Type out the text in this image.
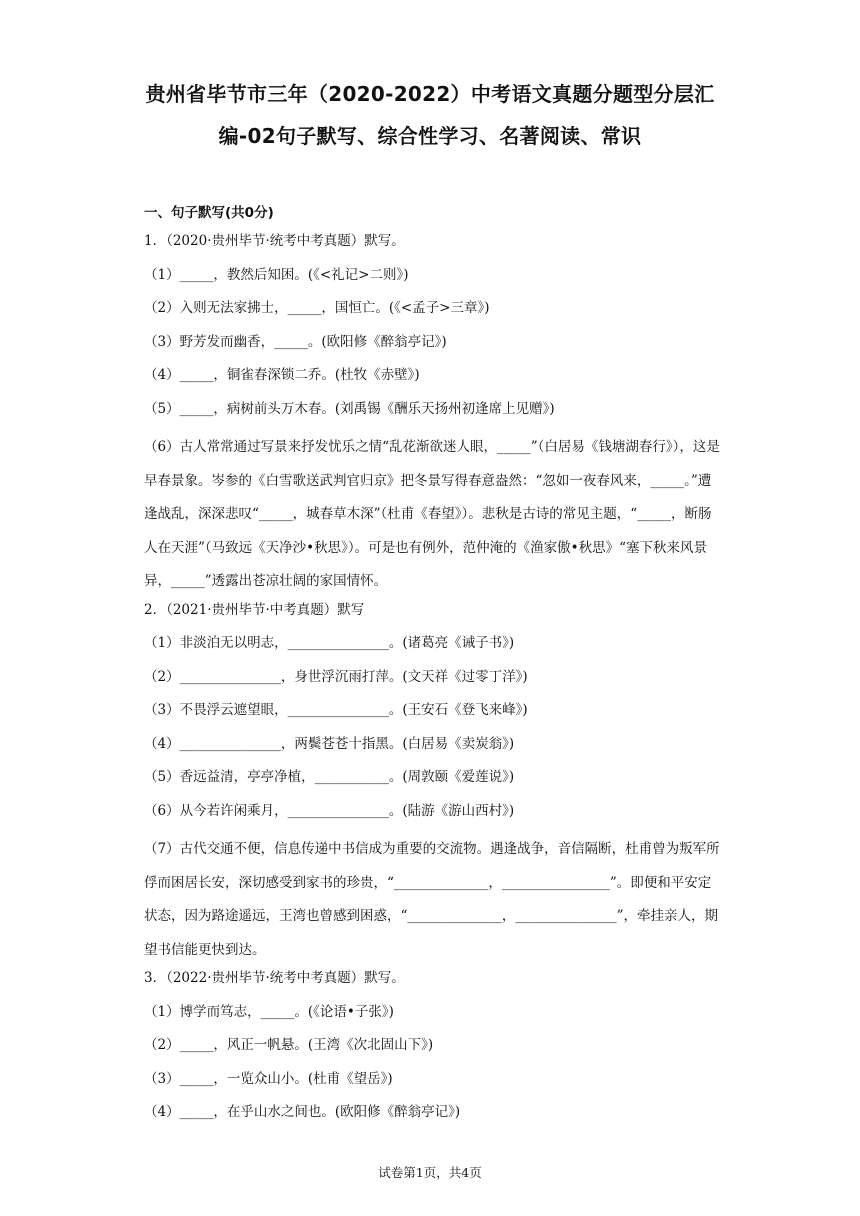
贵州省毕节市三年（2020-2022）中考语文真题分题型分层汇
编-02句子默写、综合性学习、名著阅读、常识
一、句子默写(共0分)
1．（2020·贵州毕节·统考中考真题）默写。
（1）_____，教然后知困。(《<礼记>二则》)
（2）入则无法家拂士，_____，国恒亡。(《<孟子>三章》)
（3）野芳发而幽香，_____。(欧阳修《醉翁亭记》)
（4）_____，铜雀春深锁二乔。(杜牧《赤壁》)
（5）_____，病树前头万木春。(刘禹锡《酬乐天扬州初逢席上见赠》)
（6）古人常常通过写景来抒发忧乐之情“乱花渐欲迷人眼，_____”（白居易《钱塘湖春行》），这是早春景象。岑参的《白雪歌送武判官归京》把冬景写得春意盎然：“忽如一夜春风来，_____。”遭逢战乱，深深悲叹“_____，城春草木深”（杜甫《春望》）。悲秋是古诗的常见主题，“_____，断肠人在天涯”（马致远《天净沙•秋思》）。可是也有例外，范仲淹的《渔家傲•秋思》“塞下秋来风景异，_____”透露出苍凉壮阔的家国情怀。
2．（2021·贵州毕节·中考真题）默写
（1）非淡泊无以明志，_______________。(诸葛亮《诫子书》)
（2）_______________，身世浮沉雨打萍。(文天祥《过零丁洋》)
（3）不畏浮云遮望眼，_______________。(王安石《登飞来峰》)
（4）_______________，两鬓苍苍十指黑。(白居易《卖炭翁》)
（5）香远益清，亭亭净植，___________。(周敦颐《爱莲说》)
（6）从今若许闲乘月，_______________。(陆游《游山西村》)
（7）古代交通不便，信息传递中书信成为重要的交流物。遇逢战争，音信隔断，杜甫曾为叛军所俘而困居长安，深切感受到家书的珍贵，“______________，________________”。即便和平安定状态，因为路途遥远，王湾也曾感到困惑，“______________，_______________”，牵挂亲人，期望书信能更快到达。
3．（2022·贵州毕节·统考中考真题）默写。
（1）博学而笃志，_____。(《论语•子张》)
（2）_____，风正一帆悬。(王湾《次北固山下》)
（3）_____，一览众山小。(杜甫《望岳》)
（4）_____，在乎山水之间也。(欧阳修《醉翁亭记》)
试卷第1页，共4页
